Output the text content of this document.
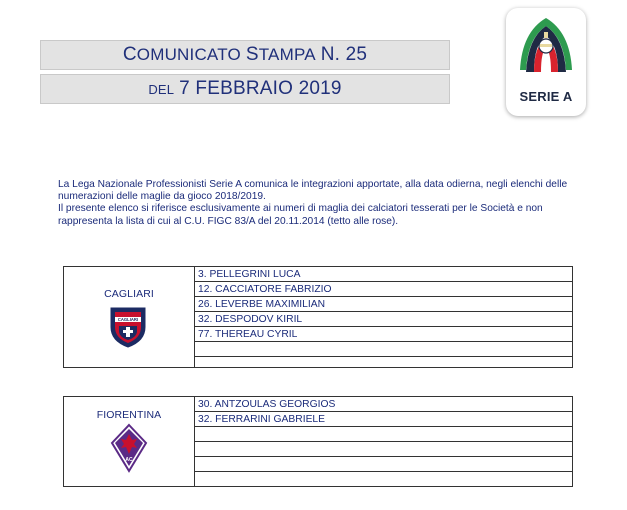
COMUNICATO STAMPA N. 25
DEL 7 FEBBRAIO 2019	SERIE A

La Lega Nazionale Professionisti Serie A comunica le integrazioni apportate, alla data odierna, negli elenchi delle numerazioni delle maglie da gioco 2018/2019.

Il presente elenco si riferisce esclusivamente ai numeri di maglia dei calciatori tesserati per le Società e non rappresenta la lista di cui al C.U. FIGC 83/A del 20.11.2014 (tetto alle rose).

CAGLIARI
CAGLIARI
3. PELLEGRINI LUCA
12. CACCIATORE FABRIZIO
26. LEVERBE MAXIMILIAN
32. DESPODOV KIRIL
77. THEREAU CYRIL
FIORENTINA
AC
30. ANTZOULAS GEORGIOS
32. FERRARINI GABRIELE
